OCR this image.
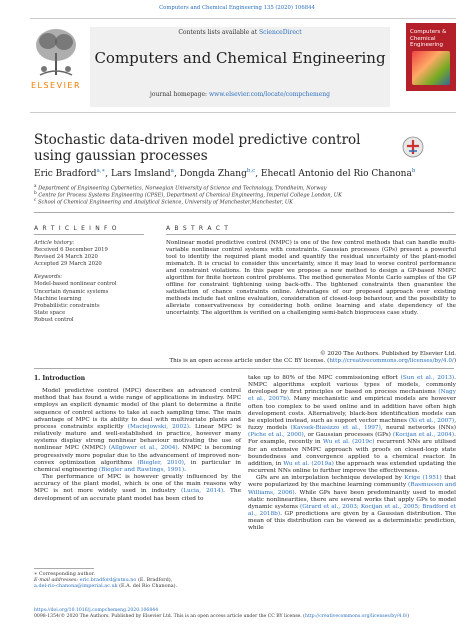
Computers and Chemical Engineering 135 (2020) 106844
ELSEVIER
Contents lists available at ScienceDirect
Computers and Chemical Engineering
journal homepage: www.elsevier.com/locate/compchemeng
Computers & Chemical Engineering
Stochastic data-driven model predictive control using gaussian processes
Eric Bradford$^{a,∗}$, Lars Imsland$^a$, Dongda Zhang$^{b,c}$, Ehecatl Antonio del Rio Chanona$^b$
$^a$ Department of Engineering Cybernetics, Norwegian University of Science and Technology, Trondheim, Norway
$^b$ Centre for Process Systems Engineering (CPSE), Department of Chemical Engineering, Imperial College London, UK
$^c$ School of Chemical Engineering and Analytical Science, University of Manchester,Manchester, UK
A R T I C L E I N F O	A B S T R A C T
Article history:
Received 6 December 2019
Revised 24 March 2020
Accepted 29 March 2020
Keywords:
Model-based nonlinear control
Uncertain dynamic systems
Machine learning
Probabilistic constraints
State space
Robust control
Nonlinear model predictive control (NMPC) is one of the few control methods that can handle multi-variable nonlinear control systems with constraints. Gaussian processes (GPs) present a powerful tool to identify the required plant model and quantify the residual uncertainty of the plant-model mismatch. It is crucial to consider this uncertainty, since it may lead to worse control performance and constraint violations. In this paper we propose a new method to design a GP-based NMPC algorithm for finite horizon control problems. The method generates Monte Carlo samples of the GP offline for constraint tightening using back-offs. The tightened constraints then guarantee the satisfaction of chance constraints online. Advantages of our proposed approach over existing methods include fast online evaluation, consideration of closed-loop behaviour, and the possibility to alleviate conservativeness by considering both online learning and state dependency of the uncertainty. The algorithm is verified on a challenging semi-batch bioprocess case study.
© 2020 The Authors. Published by Elsevier Ltd.
This is an open access article under the CC BY license. (http://creativecommons.org/licenses/by/4.0/)
1. Introduction

Model predictive control (MPC) describes an advanced control method that has found a wide range of applications in industry. MPC employs an explicit dynamic model of the plant to determine a finite sequence of control actions to take at each sampling time. The main advantage of MPC is its ability to deal with multivariate plants and process constraints explicitly (Maciejowski, 2002). Linear MPC is relatively mature and well-established in practice, however many systems display strong nonlinear behaviour motivating the use of nonlinear MPC (NMPC) (Allgöwer et al., 2004). NMPC is becoming progressively more popular due to the advancement of improved non-convex optimization algorithms (Biegler, 2010), in particular in chemical engineering (Biegler and Rawlings, 1991).

The performance of MPC is however greatly influenced by the accuracy of the plant model, which is one of the main reasons why MPC is not more widely used in industry (Lucia, 2014). The development of an accurate plant model has been cited to

take up to 80% of the MPC commissioning effort (Sun et al., 2013). NMPC algorithms exploit various types of models, commonly developed by first principles or based on process mechanisms (Nagy et al., 2007b). Many mechanistic and empirical models are however often too complex to be used online and in addition have often high development costs. Alternatively, black-box identification models can be exploited instead, such as support vector machines (Xi et al., 2007), fuzzy models (Kavsek-Biasizzo et al., 1997), neural networks (NNs) (Piche et al., 2000), or Gaussian processes (GPs) (Kocijan et al., 2004). For example, recently in Wu et al. (2019c) recurrent NNs are utilised for an extensive NMPC approach with proofs on closed-loop state boundedness and convergence applied to a chemical reactor. In addition, in Wu et al. (2019a) the approach was extended updating the recurrent NNs online to further improve the effectiveness.

GPs are an interpolation technique developed by Krige (1951) that were popularized by the machine learning community (Rasmussen and Williams, 2006). While GPs have been predominantly used to model static nonlinearities, there are several works that apply GPs to model dynamic systems (Girard et al., 2003; Kocijan et al., 2005; Bradford et al., 2018b). GP predictions are given by a Gaussian distribution. The mean of this distribution can be viewed as a deterministic prediction, while

∗ Corresponding author.
E-mail addresses: eric.bradford@ntnu.no (E. Bradford),
a.del-rio-chanona@imperial.ac.uk (E.A. del Rio Chanona).
https://doi.org/10.1016/j.compchemeng.2020.106844
0098-1354/© 2020 The Authors. Published by Elsevier Ltd. This is an open access article under the CC BY license. (http://creativecommons.org/licenses/by/4.0/)
